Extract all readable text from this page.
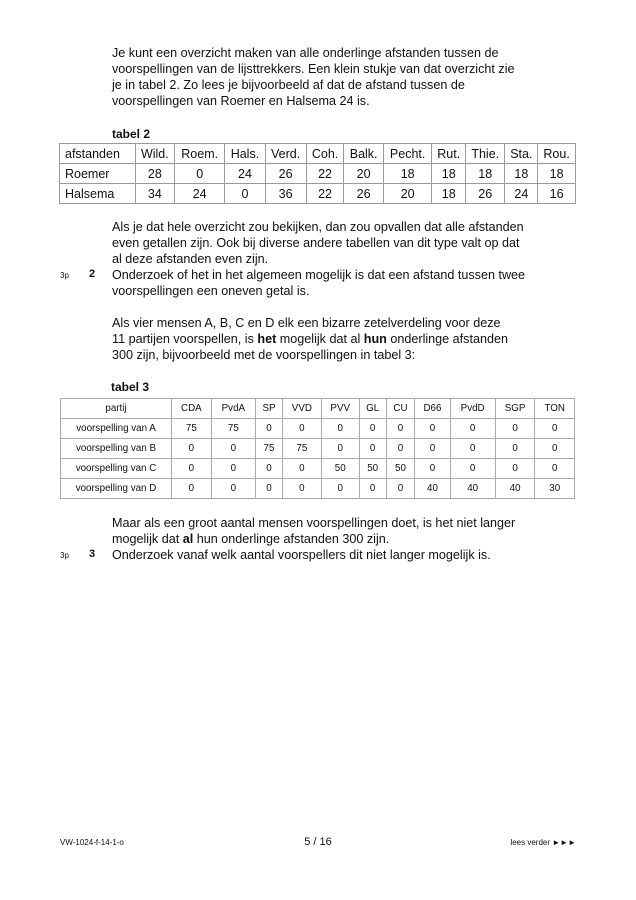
Je kunt een overzicht maken van alle onderlinge afstanden tussen de
voorspellingen van de lijsttrekkers. Een klein stukje van dat overzicht zie
je in tabel 2. Zo lees je bijvoorbeeld af dat de afstand tussen de
voorspellingen van Roemer en Halsema 24 is.
tabel 2
afstanden	Wild.	Roem.	Hals.	Verd.	Coh.	Balk.	Pecht.	Rut.	Thie.	Sta.	Rou.
Roemer	28	0	24	26	22	20	18	18	18	18	18
Halsema	34	24	0	36	22	26	20	18	26	24	16
Als je dat hele overzicht zou bekijken, dan zou opvallen dat alle afstanden
even getallen zijn. Ook bij diverse andere tabellen van dit type valt op dat
al deze afstanden even zijn.
3p 2 Onderzoek of het in het algemeen mogelijk is dat een afstand tussen twee
voorspellingen een oneven getal is.
Als vier mensen A, B, C en D elk een bizarre zetelverdeling voor deze
11 partijen voorspellen, is het mogelijk dat al hun onderlinge afstanden
300 zijn, bijvoorbeeld met de voorspellingen in tabel 3:
tabel 3
partij	CDA	PvdA	SP	VVD	PVV	GL	CU	D66	PvdD	SGP	TON
voorspelling van A	75	75	0	0	0	0	0	0	0	0	0
voorspelling van B	0	0	75	75	0	0	0	0	0	0	0
voorspelling van C	0	0	0	0	50	50	50	0	0	0	0
voorspelling van D	0	0	0	0	0	0	0	40	40	40	30
Maar als een groot aantal mensen voorspellingen doet, is het niet langer
mogelijk dat al hun onderlinge afstanden 300 zijn.
3p 3 Onderzoek vanaf welk aantal voorspellers dit niet langer mogelijk is.
VW-1024-f-14-1-o	5 / 16	lees verder ►►►
